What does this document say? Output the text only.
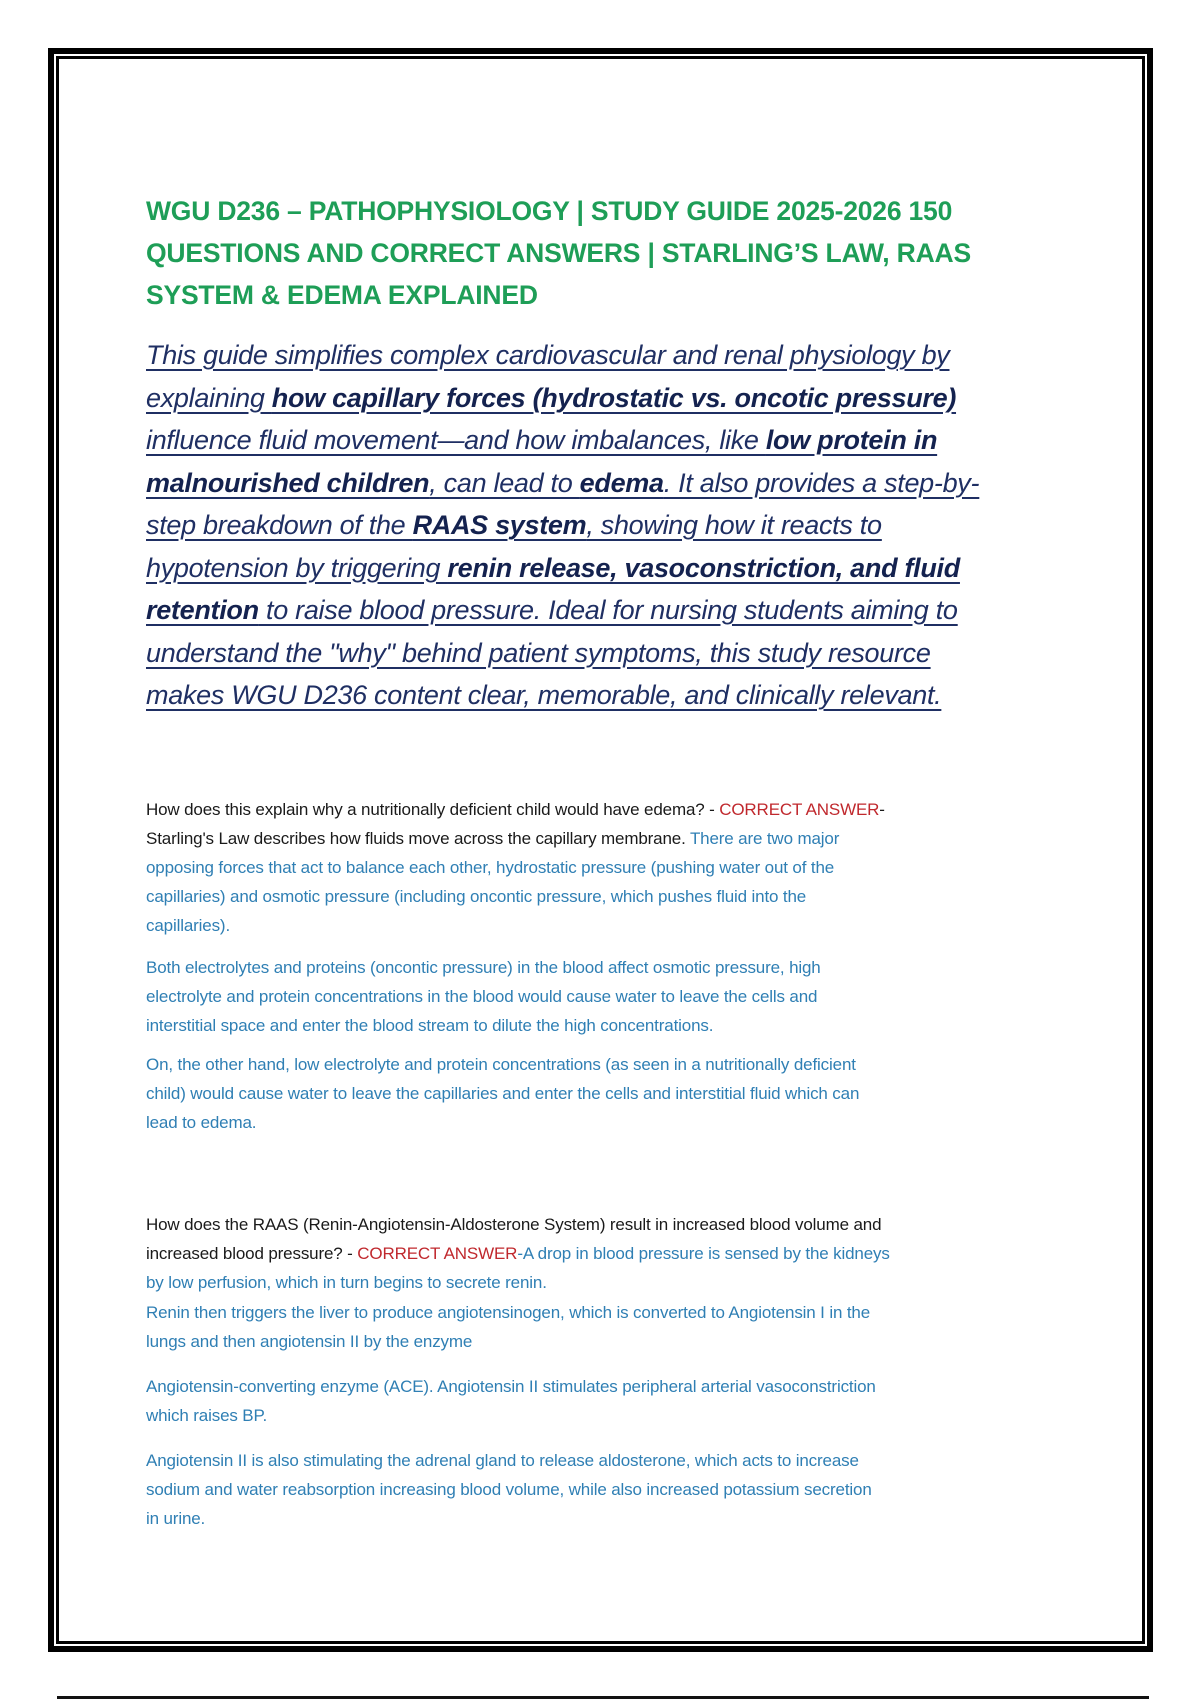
WGU D236 – PATHOPHYSIOLOGY | STUDY GUIDE 2025-2026 150
QUESTIONS AND CORRECT ANSWERS | STARLING’S LAW, RAAS
SYSTEM & EDEMA EXPLAINED
This guide simplifies complex cardiovascular and renal physiology by
explaining how capillary forces (hydrostatic vs. oncotic pressure)
influence fluid movement—and how imbalances, like low protein in
malnourished children, can lead to edema. It also provides a step-by-
step breakdown of the RAAS system, showing how it reacts to
hypotension by triggering renin release, vasoconstriction, and fluid
retention to raise blood pressure. Ideal for nursing students aiming to
understand the "why" behind patient symptoms, this study resource
makes WGU D236 content clear, memorable, and clinically relevant.
How does this explain why a nutritionally deficient child would have edema? - CORRECT ANSWER-
Starling's Law describes how fluids move across the capillary membrane. There are two major
opposing forces that act to balance each other, hydrostatic pressure (pushing water out of the
capillaries) and osmotic pressure (including oncontic pressure, which pushes fluid into the
capillaries).
Both electrolytes and proteins (oncontic pressure) in the blood affect osmotic pressure, high
electrolyte and protein concentrations in the blood would cause water to leave the cells and
interstitial space and enter the blood stream to dilute the high concentrations.
On, the other hand, low electrolyte and protein concentrations (as seen in a nutritionally deficient
child) would cause water to leave the capillaries and enter the cells and interstitial fluid which can
lead to edema.
How does the RAAS (Renin-Angiotensin-Aldosterone System) result in increased blood volume and
increased blood pressure? - CORRECT ANSWER-A drop in blood pressure is sensed by the kidneys
by low perfusion, which in turn begins to secrete renin.
Renin then triggers the liver to produce angiotensinogen, which is converted to Angiotensin I in the
lungs and then angiotensin II by the enzyme
Angiotensin-converting enzyme (ACE). Angiotensin II stimulates peripheral arterial vasoconstriction
which raises BP.
Angiotensin II is also stimulating the adrenal gland to release aldosterone, which acts to increase
sodium and water reabsorption increasing blood volume, while also increased potassium secretion
in urine.
